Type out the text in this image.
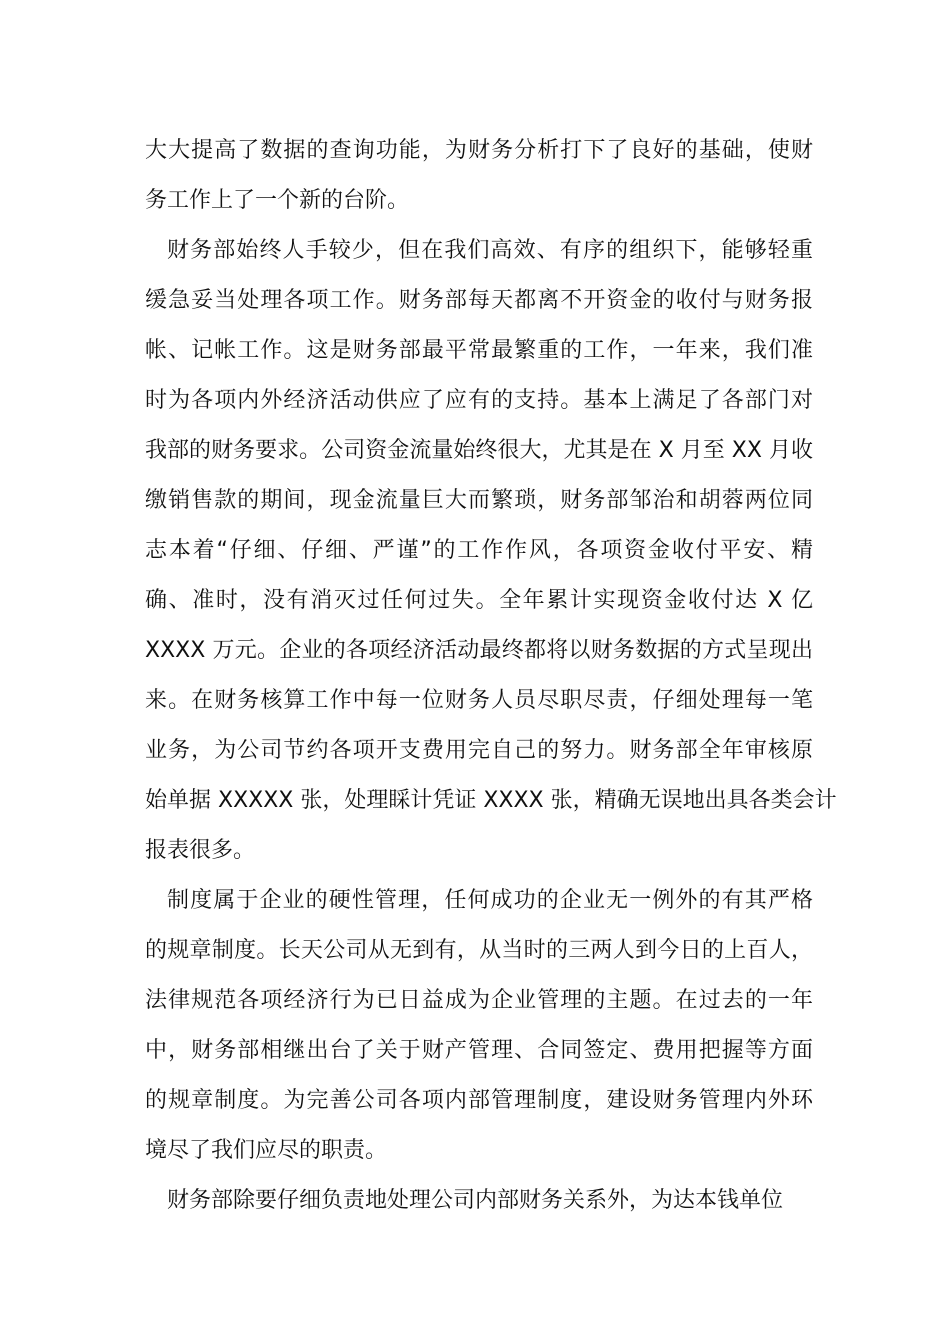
大大提高了数据的查询功能，为财务分析打下了良好的基础，使财
务工作上了一个新的台阶。
财务部始终人手较少，但在我们高效、有序的组织下，能够轻重
缓急妥当处理各项工作。财务部每天都离不开资金的收付与财务报
帐、记帐工作。这是财务部最平常最繁重的工作，一年来，我们准
时为各项内外经济活动供应了应有的支持。基本上满足了各部门对
我部的财务要求。公司资金流量始终很大，尤其是在 X 月至 XX 月收
缴销售款的期间，现金流量巨大而繁琐，财务部邹治和胡蓉两位同
志本着“仔细、仔细、严谨”的工作作风，各项资金收付平安、精
确、准时，没有消灭过任何过失。全年累计实现资金收付达 X 亿
XXXX 万元。企业的各项经济活动最终都将以财务数据的方式呈现出
来。在财务核算工作中每一位财务人员尽职尽责，仔细处理每一笔
业务，为公司节约各项开支费用完自己的努力。财务部全年审核原
始单据 XXXXX 张，处理睬计凭证 XXXX 张，精确无误地出具各类会计
报表很多。
制度属于企业的硬性管理，任何成功的企业无一例外的有其严格
的规章制度。长天公司从无到有，从当时的三两人到今日的上百人，
法律规范各项经济行为已日益成为企业管理的主题。在过去的一年
中，财务部相继出台了关于财产管理、合同签定、费用把握等方面
的规章制度。为完善公司各项内部管理制度，建设财务管理内外环
境尽了我们应尽的职责。
财务部除要仔细负责地处理公司内部财务关系外，为达本钱单位
